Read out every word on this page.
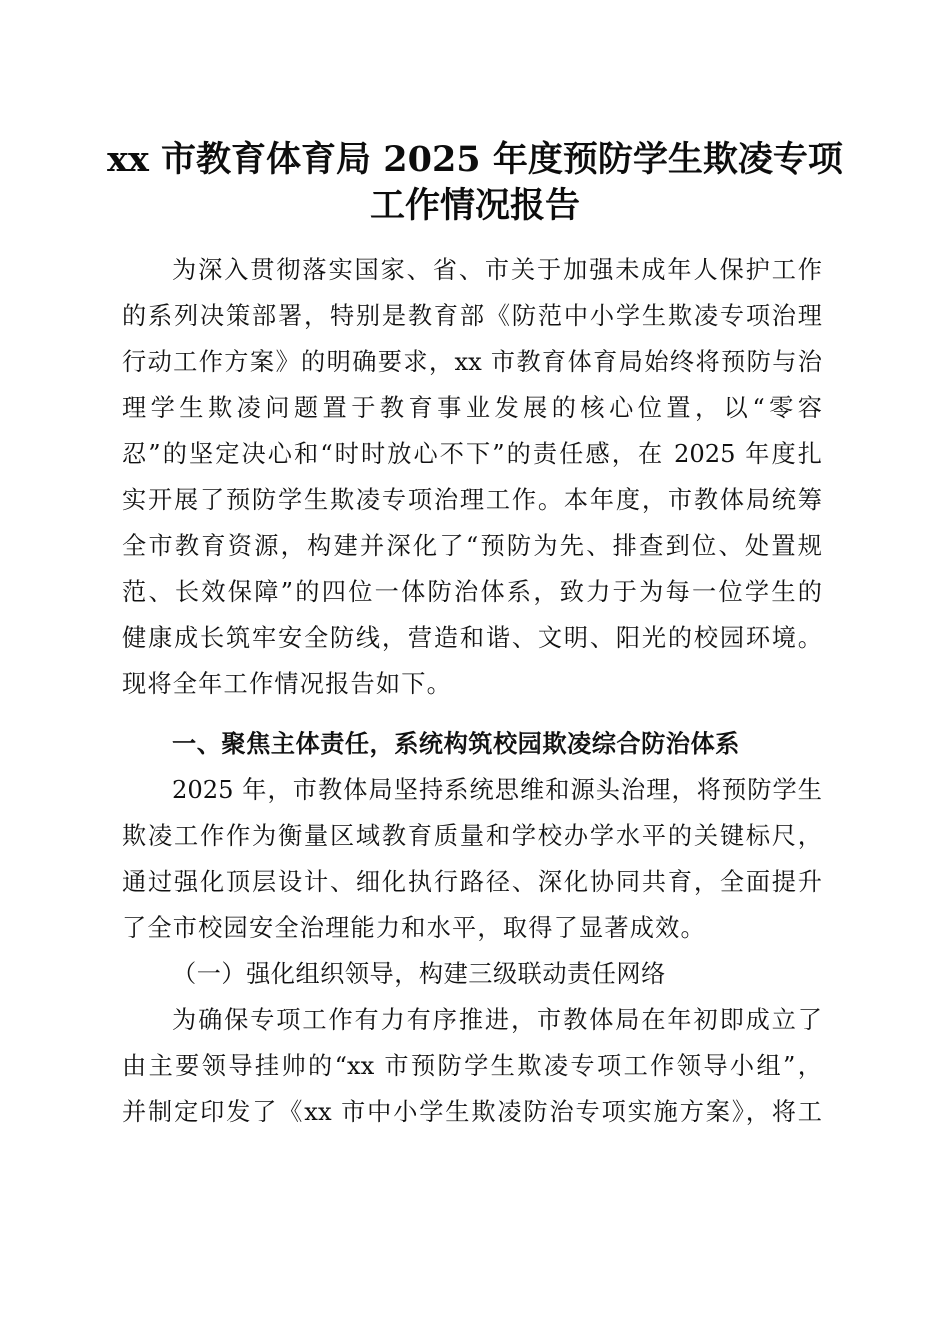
xx 市教育体育局 2025 年度预防学生欺凌专项
工作情况报告

为深入贯彻落实国家、省、市关于加强未成年人保护工作

的系列决策部署，特别是教育部《防范中小学生欺凌专项治理

行动工作方案》的明确要求，xx 市教育体育局始终将预防与治

理学生欺凌问题置于教育事业发展的核心位置，以“零容

忍”的坚定决心和“时时放心不下”的责任感，在 2025 年度扎

实开展了预防学生欺凌专项治理工作。本年度，市教体局统筹

全市教育资源，构建并深化了“预防为先、排查到位、处置规

范、长效保障”的四位一体防治体系，致力于为每一位学生的

健康成长筑牢安全防线，营造和谐、文明、阳光的校园环境。

现将全年工作情况报告如下。

一、聚焦主体责任，系统构筑校园欺凌综合防治体系

2025 年，市教体局坚持系统思维和源头治理，将预防学生

欺凌工作作为衡量区域教育质量和学校办学水平的关键标尺，

通过强化顶层设计、细化执行路径、深化协同共育，全面提升

了全市校园安全治理能力和水平，取得了显著成效。

（一）强化组织领导，构建三级联动责任网络

为确保专项工作有力有序推进，市教体局在年初即成立了

由主要领导挂帅的“xx 市预防学生欺凌专项工作领导小组”，

并制定印发了《xx 市中小学生欺凌防治专项实施方案》，将工
